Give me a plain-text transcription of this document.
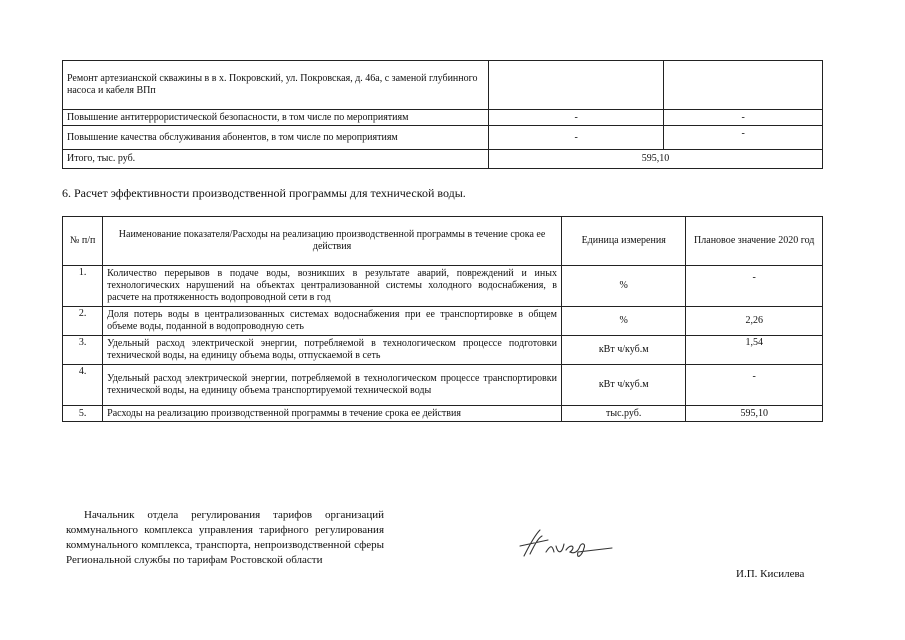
Ремонт артезианской скважины в в х. Покровский, ул. Покровская, д. 46а, с заменой глубинного насоса и кабеля ВПп		
Повышение антитеррористической безопасности, в том числе по мероприятиям	-	-
Повышение качества обслуживания абонентов, в том числе по мероприятиям	-	-

Итого, тыс. руб.	595,10	
6. Расчет эффективности производственной программы для технической воды.
№ п/п	Наименование показателя/Расходы на реализацию производственной программы в течение срока ее действия	Единица измерения	Плановое значение 2020 год
1.	Количество перерывов в подаче воды, возникших в результате аварий, повреждений и иных технологических нарушений на объектах централизованной системы холодного водоснабжения, в расчете на протяженность водопроводной сети в год	%	-

2.	Доля потерь воды в централизованных системах водоснабжения при ее транспортировке в общем объеме воды, поданной в водопроводную сеть	%	2,26
3.	Удельный расход электрической энергии, потребляемой в технологическом процессе подготовки технической воды, на единицу объема воды, отпускаемой в сеть	кВт ч/куб.м	1,54
4.	Удельный расход электрической энергии, потребляемой в технологическом процессе транспортировки технической воды, на единицу объема транспортируемой технической воды	кВт ч/куб.м	-

5.	Расходы на реализацию производственной программы в течение срока ее действия	тыс.руб.	595,10
Начальник отдела регулирования тарифов организаций коммунального комплекса управления тарифного регулирования коммунального комплекса, транспорта, непроизводственной сферы Региональной службы по тарифам Ростовской области
И.П. Кисилева
